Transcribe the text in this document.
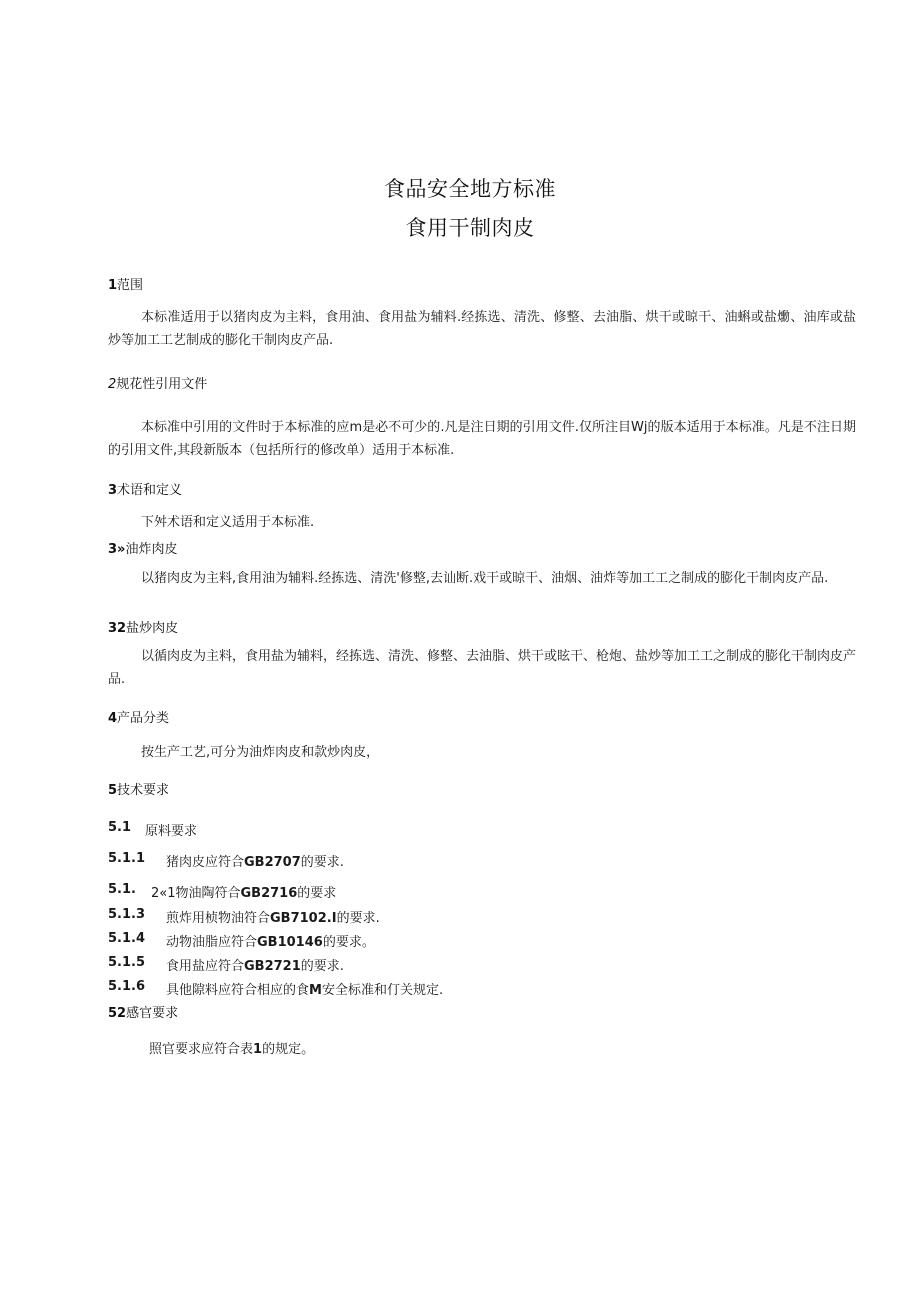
食品安全地方标准
食用干制肉皮
1范围
本标准适用于以猪肉皮为主料，食用油、食用盐为辅料.经拣选、清洗、修整、去油脂、烘干或晾干、油蝌或盐爋、油库或盐炒等加工工艺制成的膨化干制肉皮产品.
2规花性引用文件
本标准中引用的文件时于本标准的应m是必不可少的.凡是注日期的引用文件.仅所注目Wj的版本适用于本标准。凡是不注日期的引用文件,其段新版本（包括所行的修改单）适用于本标准.
3术语和定义
下舛术语和定义适用于本标准.
3»油炸肉皮
以猪肉皮为主料,食用油为辅料.经拣选、清洗'修整,去讪断.戏干或晾干、油烟、油炸等加工工之制成的膨化干制肉皮产品.
32盐炒肉皮
以循肉皮为主料，食用盐为辅料，经拣选、清洗、修整、去油脂、烘干或眩干、枪炮、盐炒等加工工之制成的膨化干制肉皮产品.
4产品分类
按生产工艺,可分为油炸肉皮和款炒肉皮，
5技术要求
5.1 原料要求
5.1.1 猪肉皮应符合GB2707的要求.
5.1. 2«1物油陶符合GB2716的要求
5.1.3 煎炸用桢物油符合GB7102.I的要求.
5.1.4 动物油脂应符合GB10146的要求。
5.1.5 食用盐应符合GB2721的要求.
5.1.6 具他隙料应符合相应的食M安全标准和仃关规定.
52感官要求
照官要求应符合表1的规定。
